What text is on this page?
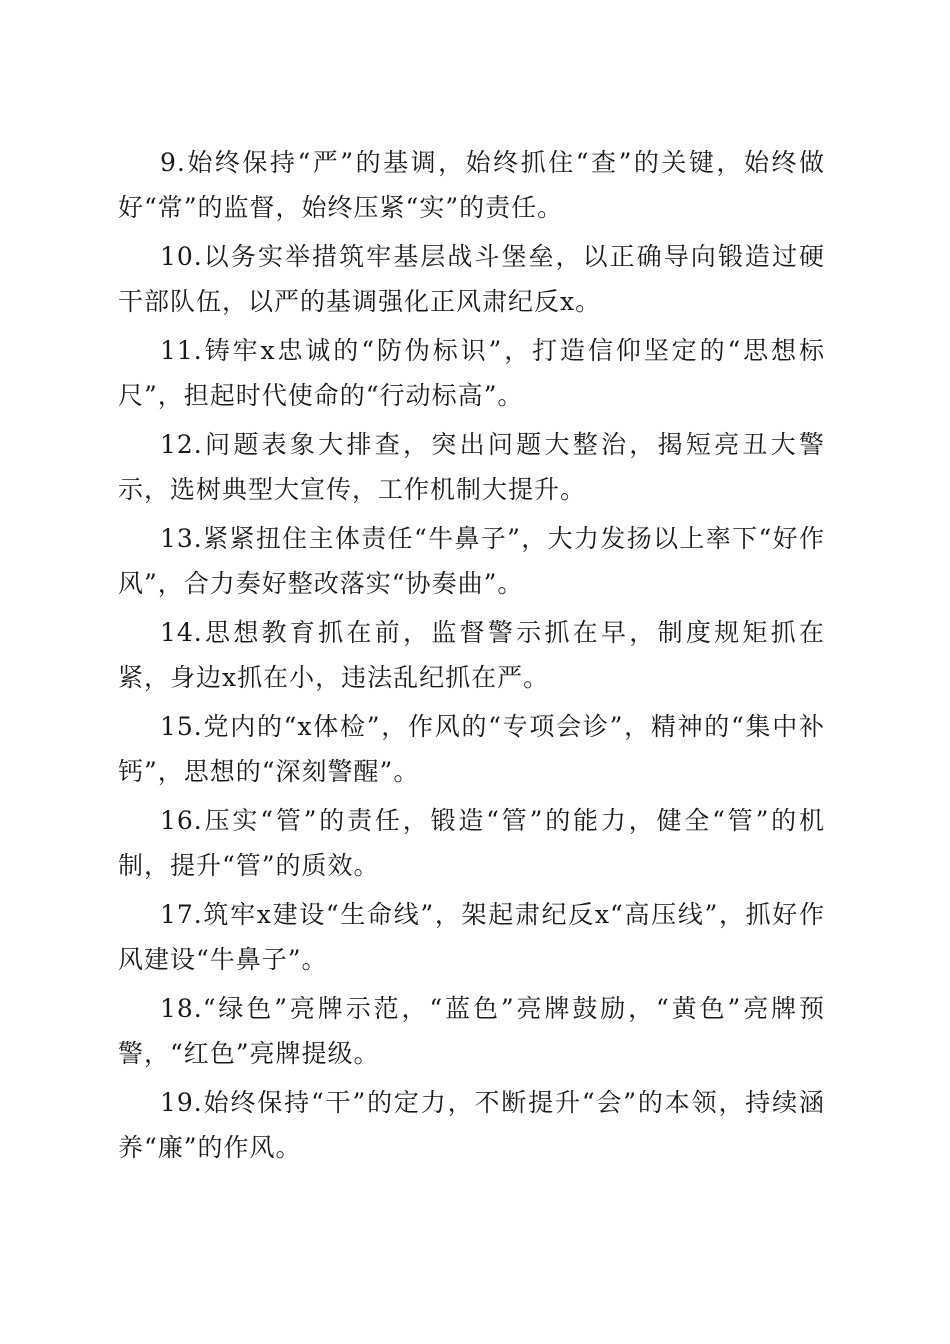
9.始终保持“严”的基调，始终抓住“查”的关键，始终做好“常”的监督，始终压紧“实”的责任。

10.以务实举措筑牢基层战斗堡垒，以正确导向锻造过硬干部队伍，以严的基调强化正风肃纪反x。

11.铸牢x忠诚的“防伪标识”，打造信仰坚定的“思想标尺”，担起时代使命的“行动标高”。

12.问题表象大排查，突出问题大整治，揭短亮丑大警示，选树典型大宣传，工作机制大提升。

13.紧紧扭住主体责任“牛鼻子”，大力发扬以上率下“好作风”，合力奏好整改落实“协奏曲”。

14.思想教育抓在前，监督警示抓在早，制度规矩抓在紧，身边x抓在小，违法乱纪抓在严。

15.党内的“x体检”，作风的“专项会诊”，精神的“集中补钙”，思想的“深刻警醒”。

16.压实“管”的责任，锻造“管”的能力，健全“管”的机制，提升“管”的质效。

17.筑牢x建设“生命线”，架起肃纪反x“高压线”，抓好作风建设“牛鼻子”。

18.“绿色”亮牌示范，“蓝色”亮牌鼓励，“黄色”亮牌预警，“红色”亮牌提级。

19.始终保持“干”的定力，不断提升“会”的本领，持续涵养“廉”的作风。
